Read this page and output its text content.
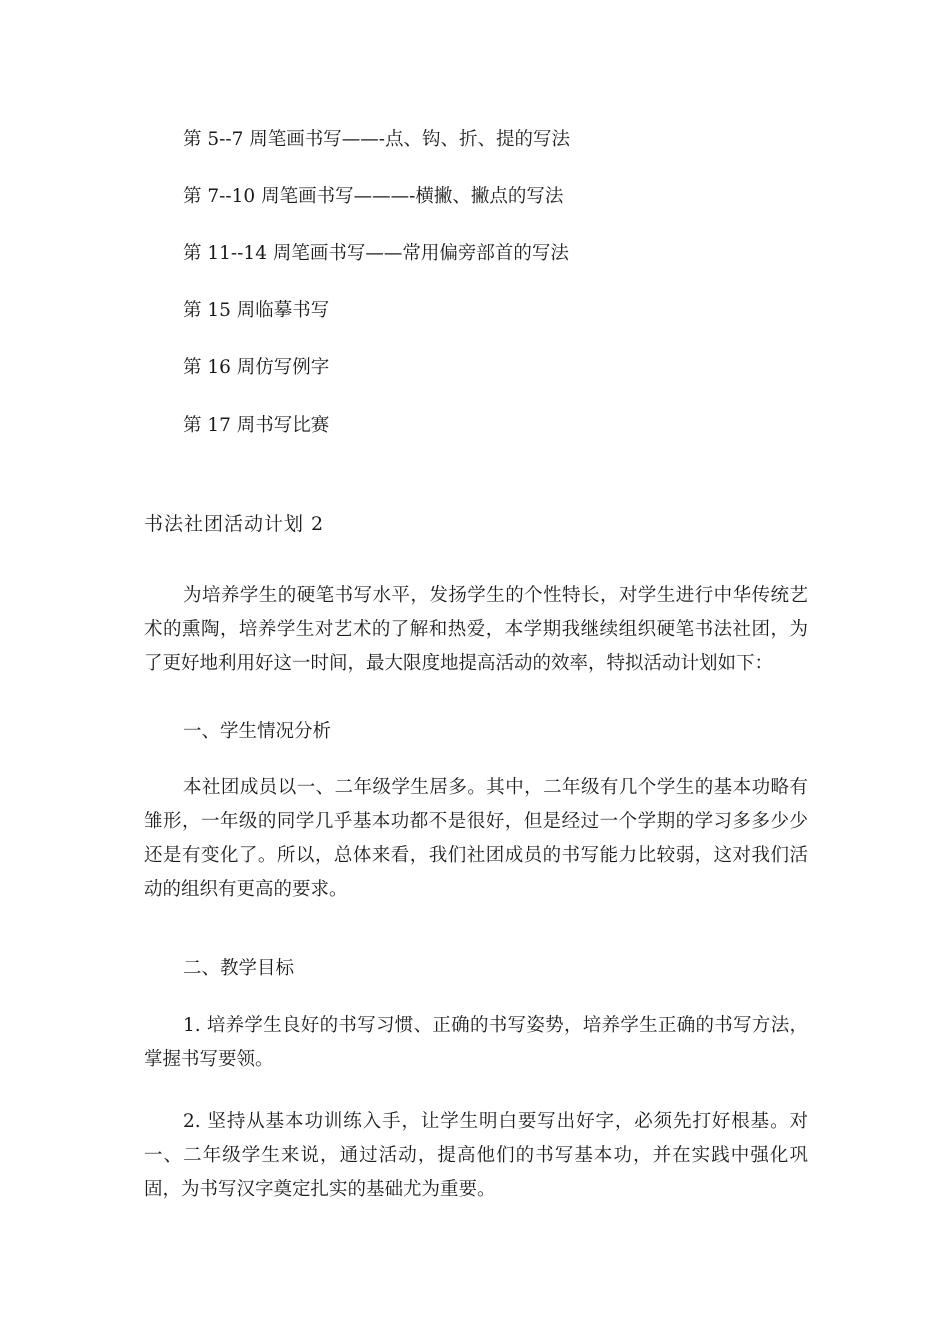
第 5--7 周笔画书写——-点、钩、折、提的写法
第 7--10 周笔画书写———-横撇、撇点的写法
第 11--14 周笔画书写——常用偏旁部首的写法
第 15 周临摹书写
第 16 周仿写例字
第 17 周书写比赛
书法社团活动计划 2

为培养学生的硬笔书写水平，发扬学生的个性特长，对学生进行中华传统艺术的熏陶，培养学生对艺术的了解和热爱，本学期我继续组织硬笔书法社团，为了更好地利用好这一时间，最大限度地提高活动的效率，特拟活动计划如下：

一、学生情况分析

本社团成员以一、二年级学生居多。其中，二年级有几个学生的基本功略有雏形，一年级的同学几乎基本功都不是很好，但是经过一个学期的学习多多少少还是有变化了。所以，总体来看，我们社团成员的书写能力比较弱，这对我们活动的组织有更高的要求。

二、教学目标

1. 培养学生良好的书写习惯、正确的书写姿势，培养学生正确的书写方法，掌握书写要领。

2. 坚持从基本功训练入手，让学生明白要写出好字，必须先打好根基。对一、二年级学生来说，通过活动，提高他们的书写基本功，并在实践中强化巩固，为书写汉字奠定扎实的基础尤为重要。
